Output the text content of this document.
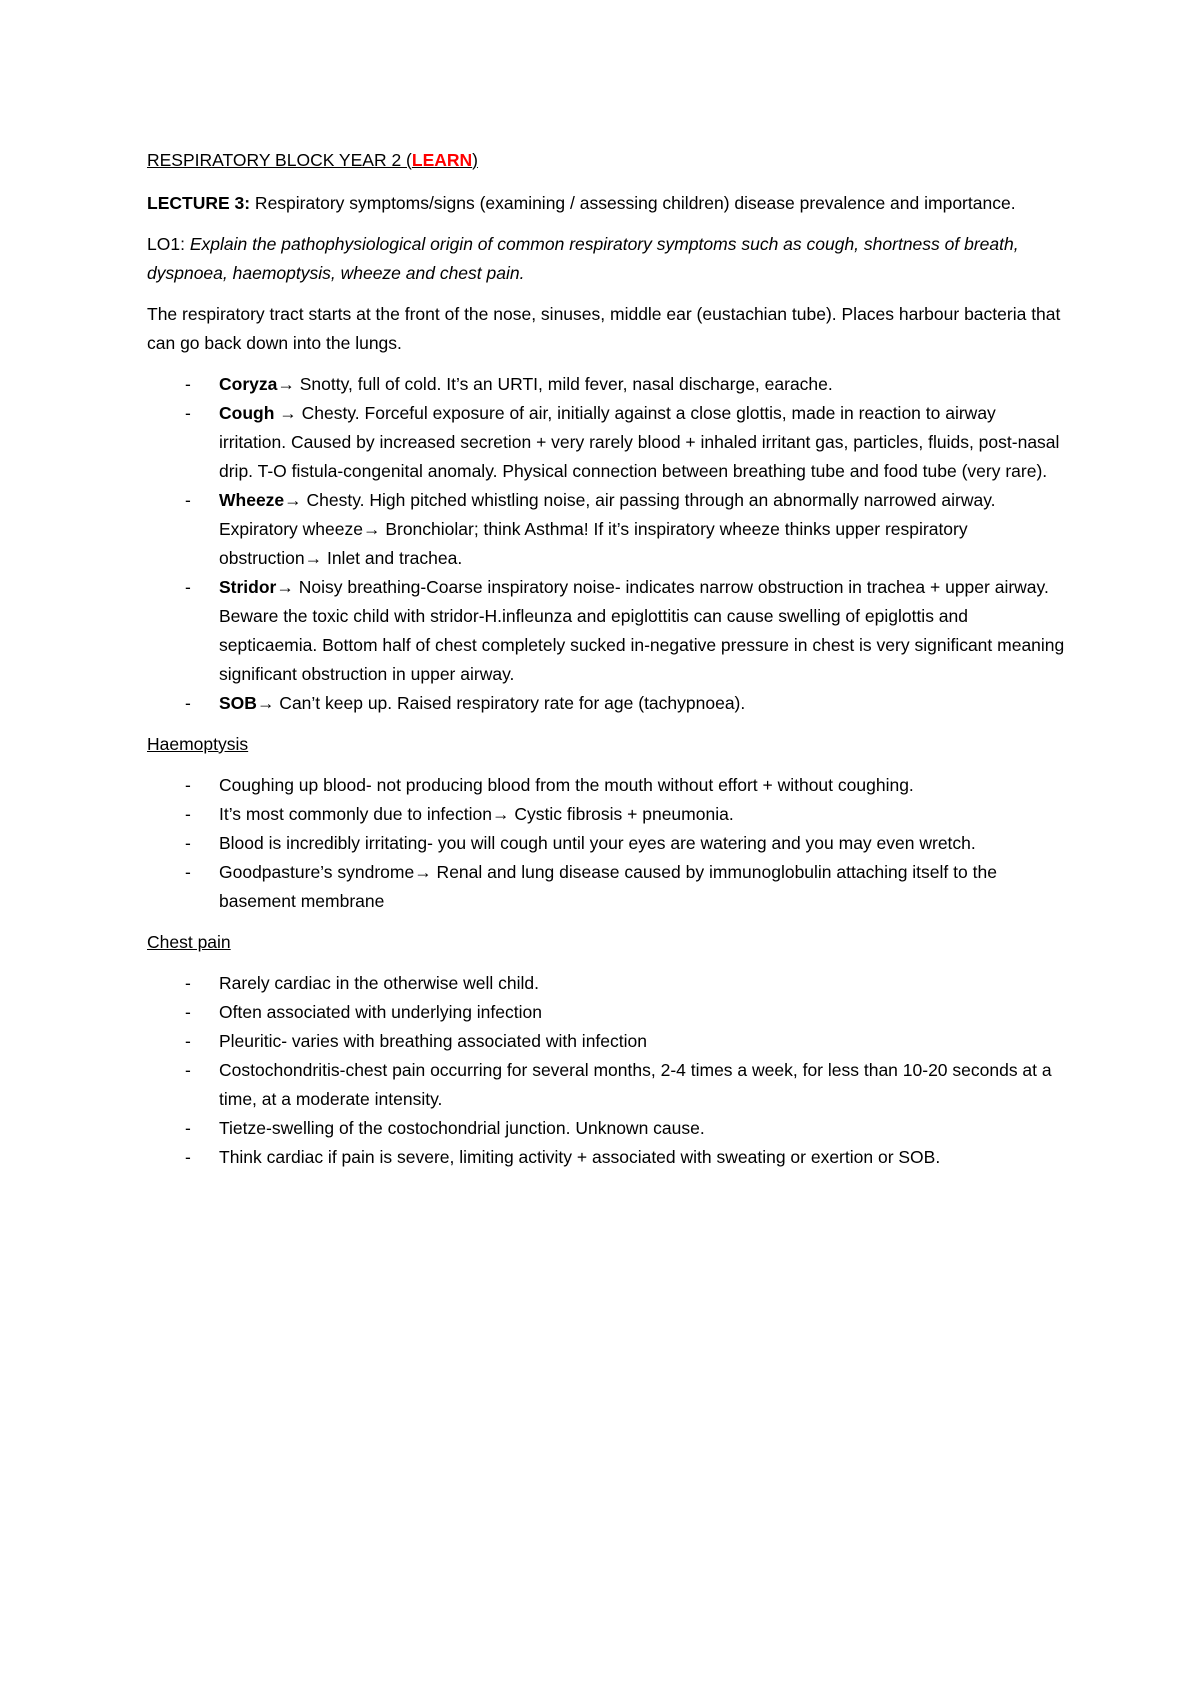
RESPIRATORY BLOCK YEAR 2 (LEARN)

LECTURE 3: Respiratory symptoms/signs (examining / assessing children) disease prevalence and importance.

LO1: Explain the pathophysiological origin of common respiratory symptoms such as cough, shortness of breath, dyspnoea, haemoptysis, wheeze and chest pain.

The respiratory tract starts at the front of the nose, sinuses, middle ear (eustachian tube). Places harbour bacteria that can go back down into the lungs.

- Coryza→ Snotty, full of cold. It’s an URTI, mild fever, nasal discharge, earache.
- Cough → Chesty. Forceful exposure of air, initially against a close glottis, made in reaction to airway irritation. Caused by increased secretion + very rarely blood + inhaled irritant gas, particles, fluids, post-nasal drip. T-O fistula-congenital anomaly. Physical connection between breathing tube and food tube (very rare).
- Wheeze→ Chesty. High pitched whistling noise, air passing through an abnormally narrowed airway. Expiratory wheeze→ Bronchiolar; think Asthma! If it’s inspiratory wheeze thinks upper respiratory obstruction→ Inlet and trachea.
- Stridor→ Noisy breathing-Coarse inspiratory noise- indicates narrow obstruction in trachea + upper airway. Beware the toxic child with stridor-H.infleunza and epiglottitis can cause swelling of epiglottis and septicaemia. Bottom half of chest completely sucked in-negative pressure in chest is very significant meaning significant obstruction in upper airway.
- SOB→ Can’t keep up. Raised respiratory rate for age (tachypnoea).

Haemoptysis

- Coughing up blood- not producing blood from the mouth without effort + without coughing.
- It’s most commonly due to infection→ Cystic fibrosis + pneumonia.
- Blood is incredibly irritating- you will cough until your eyes are watering and you may even wretch.
- Goodpasture’s syndrome→ Renal and lung disease caused by immunoglobulin attaching itself to the basement membrane

Chest pain

- Rarely cardiac in the otherwise well child.
- Often associated with underlying infection
- Pleuritic- varies with breathing associated with infection
- Costochondritis-chest pain occurring for several months, 2-4 times a week, for less than 10-20 seconds at a time, at a moderate intensity.
- Tietze-swelling of the costochondrial junction. Unknown cause.
- Think cardiac if pain is severe, limiting activity + associated with sweating or exertion or SOB.
